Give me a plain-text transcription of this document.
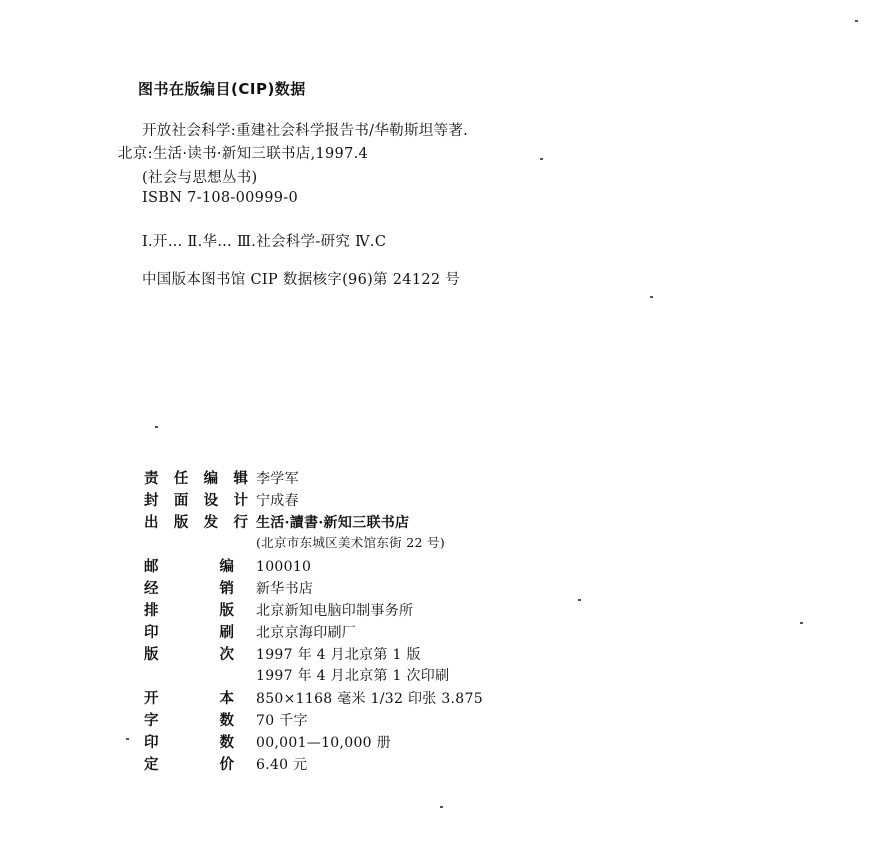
图书在版编目(CIP)数据
开放社会科学:重建社会科学报告书/华勒斯坦等著.
北京:生活·读书·新知三联书店,1997.4
(社会与思想丛书)
ISBN 7-108-00999-0
Ⅰ.开… Ⅱ.华… Ⅲ.社会科学-研究 Ⅳ.C
中国版本图书馆 CIP 数据核字(96)第 24122 号
责 任 编 辑 李学军
封 面 设 计 宁成春
出 版 发 行 生活·讀書·新知三联书店
(北京市东城区美术馆东街 22 号)
邮	编 100010
经	销 新华书店
排	版 北京新知电脑印制事务所
印	刷 北京京海印刷厂
版	次 1997 年 4 月北京第 1 版
1997 年 4 月北京第 1 次印刷
开	本 850×1168 毫米 1/32 印张 3.875
字	数 70 千字
印	数 00,001—10,000 册
定	价 6.40 元
